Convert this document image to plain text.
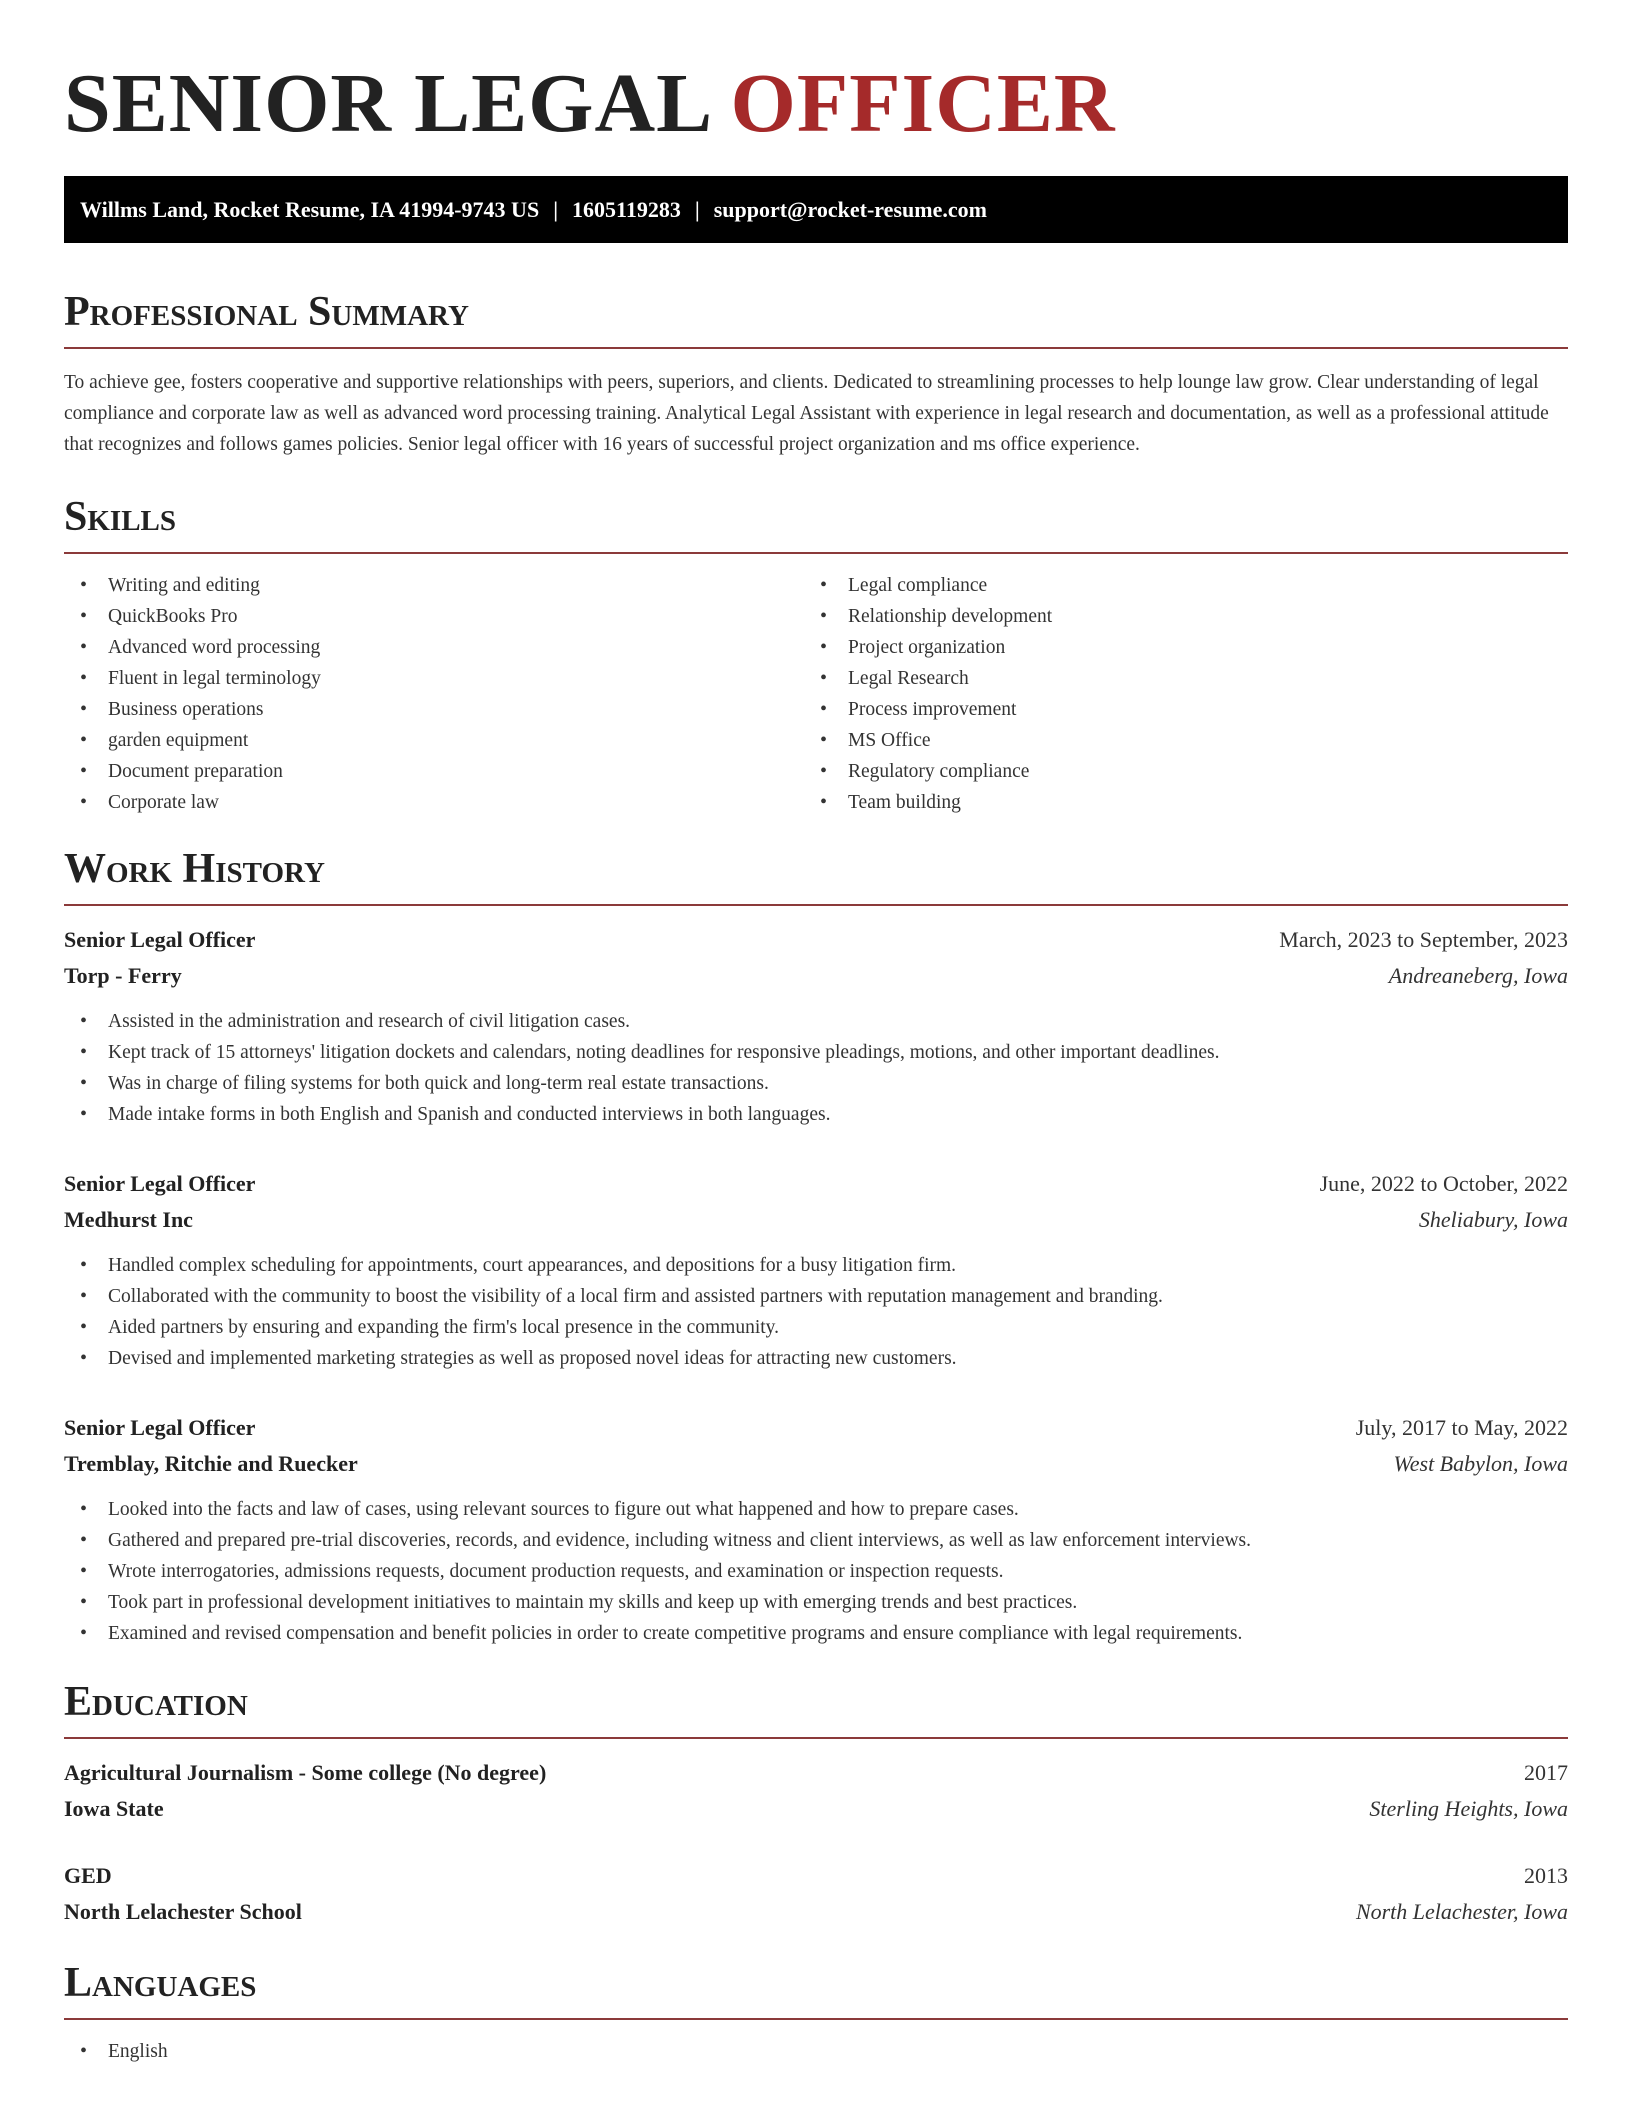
SENIOR LEGAL OFFICER
Willms Land, Rocket Resume, IA 41994-9743 US | 1605119283 | support@rocket-resume.com
Professional Summary

To achieve gee, fosters cooperative and supportive relationships with peers, superiors, and clients. Dedicated to streamlining processes to help lounge law grow. Clear understanding of legal compliance and corporate law as well as advanced word processing training. Analytical Legal Assistant with experience in legal research and documentation, as well as a professional attitude that recognizes and follows games policies. Senior legal officer with 16 years of successful project organization and ms office experience.

Skills
• Writing and editing
• QuickBooks Pro
• Advanced word processing
• Fluent in legal terminology
• Business operations
• garden equipment
• Document preparation
• Corporate law
• Legal compliance
• Relationship development
• Project organization
• Legal Research
• Process improvement
• MS Office
• Regulatory compliance
• Team building
Work History
Senior Legal Officer	March, 2023 to September, 2023
Torp - Ferry	Andreaneberg, Iowa
• Assisted in the administration and research of civil litigation cases.
• Kept track of 15 attorneys' litigation dockets and calendars, noting deadlines for responsive pleadings, motions, and other important deadlines.
• Was in charge of filing systems for both quick and long-term real estate transactions.
• Made intake forms in both English and Spanish and conducted interviews in both languages.
Senior Legal Officer	June, 2022 to October, 2022
Medhurst Inc	Sheliabury, Iowa
• Handled complex scheduling for appointments, court appearances, and depositions for a busy litigation firm.
• Collaborated with the community to boost the visibility of a local firm and assisted partners with reputation management and branding.
• Aided partners by ensuring and expanding the firm's local presence in the community.
• Devised and implemented marketing strategies as well as proposed novel ideas for attracting new customers.
Senior Legal Officer	July, 2017 to May, 2022
Tremblay, Ritchie and Ruecker	West Babylon, Iowa
• Looked into the facts and law of cases, using relevant sources to figure out what happened and how to prepare cases.
• Gathered and prepared pre-trial discoveries, records, and evidence, including witness and client interviews, as well as law enforcement interviews.
• Wrote interrogatories, admissions requests, document production requests, and examination or inspection requests.
• Took part in professional development initiatives to maintain my skills and keep up with emerging trends and best practices.
• Examined and revised compensation and benefit policies in order to create competitive programs and ensure compliance with legal requirements.
Education
Agricultural Journalism - Some college (No degree)	2017
Iowa State	Sterling Heights, Iowa
GED	2013
North Lelachester School	North Lelachester, Iowa
Languages
• English
